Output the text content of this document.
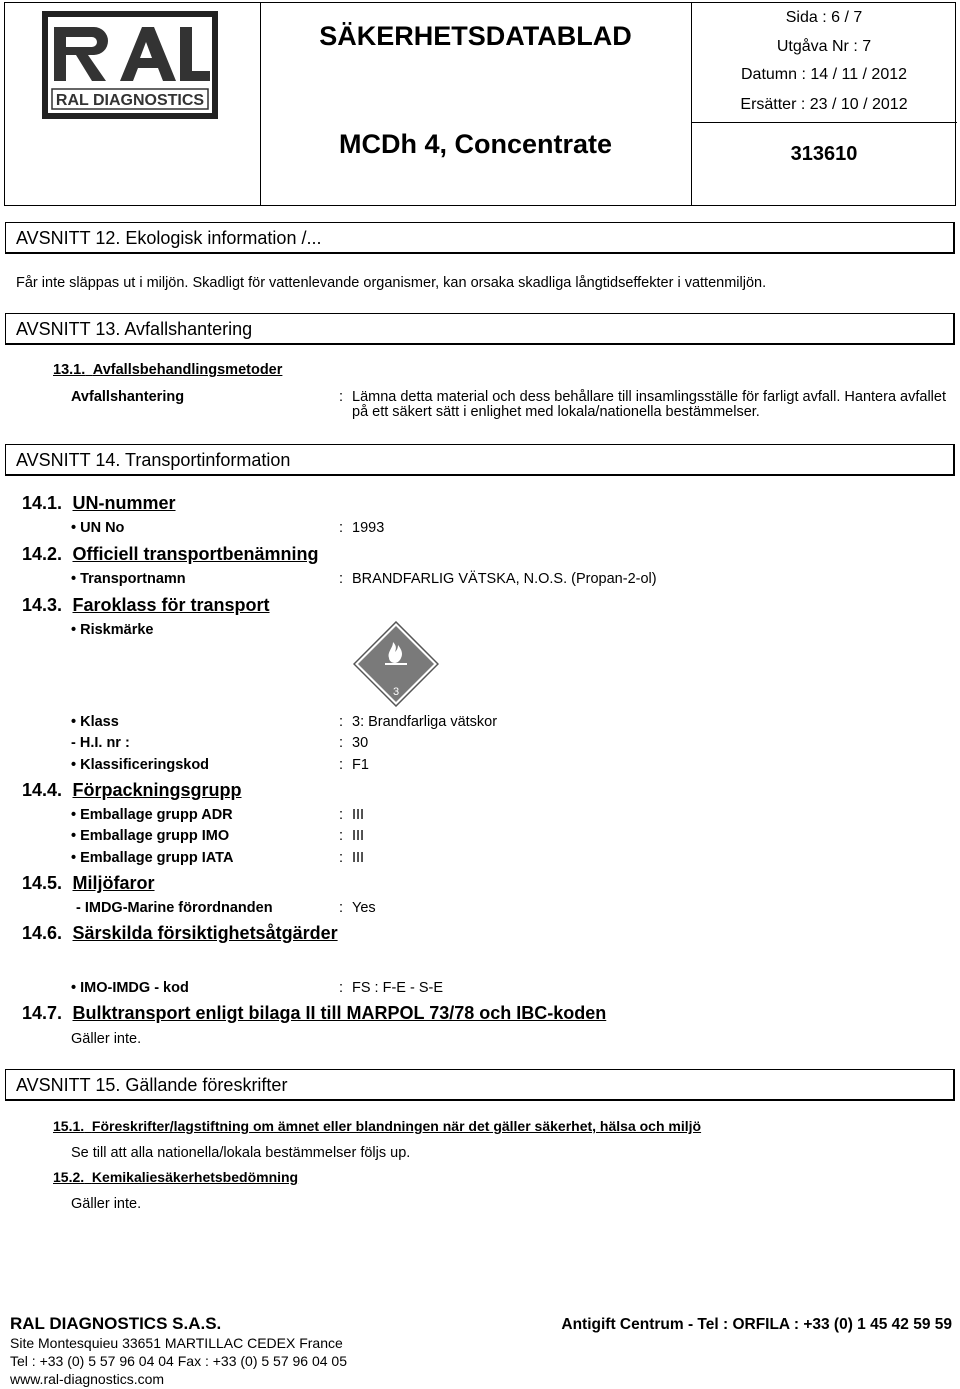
RAL DIAGNOSTICS
SÄKERHETSDATABLAD
MCDh 4, Concentrate
Sida : 6 / 7
Utgåva Nr : 7
Datumn : 14 / 11 / 2012
Ersätter : 23 / 10 / 2012
313610
AVSNITT 12. Ekologisk information /...
Får inte släppas ut i miljön. Skadligt för vattenlevande organismer, kan orsaka skadliga långtidseffekter i vattenmiljön.
AVSNITT 13. Avfallshantering
13.1. Avfallsbehandlingsmetoder
Avfallshantering	: Lämna detta material och dess behållare till insamlingsställe för farligt avfall. Hantera avfallet
på ett säkert sätt i enlighet med lokala/nationella bestämmelser.
AVSNITT 14. Transportinformation
14.1. UN-nummer
• UN No	: 1993
14.2. Officiell transportbenämning
• Transportnamn	: BRANDFARLIG VÄTSKA, N.O.S. (Propan-2-ol)
14.3. Faroklass för transport
• Riskmärke
3
• Klass	: 3: Brandfarliga vätskor
- H.I. nr :	: 30
• Klassificeringskod	: F1
14.4. Förpackningsgrupp
• Emballage grupp ADR	: III
• Emballage grupp IMO	: III
• Emballage grupp IATA	: III
14.5. Miljöfaror
- IMDG-Marine förordnanden	: Yes
14.6. Särskilda försiktighetsåtgärder
• IMO-IMDG - kod	: FS : F-E - S-E
14.7. Bulktransport enligt bilaga II till MARPOL 73/78 och IBC-koden
Gäller inte.
AVSNITT 15. Gällande föreskrifter
15.1. Föreskrifter/lagstiftning om ämnet eller blandningen när det gäller säkerhet, hälsa och miljö
Se till att alla nationella/lokala bestämmelser följs up.
15.2. Kemikaliesäkerhetsbedömning
Gäller inte.
RAL DIAGNOSTICS S.A.S.	Antigift Centrum - Tel : ORFILA : +33 (0) 1 45 42 59 59
Site Montesquieu 33651 MARTILLAC CEDEX France
Tel : +33 (0) 5 57 96 04 04 Fax : +33 (0) 5 57 96 04 05
www.ral-diagnostics.com
